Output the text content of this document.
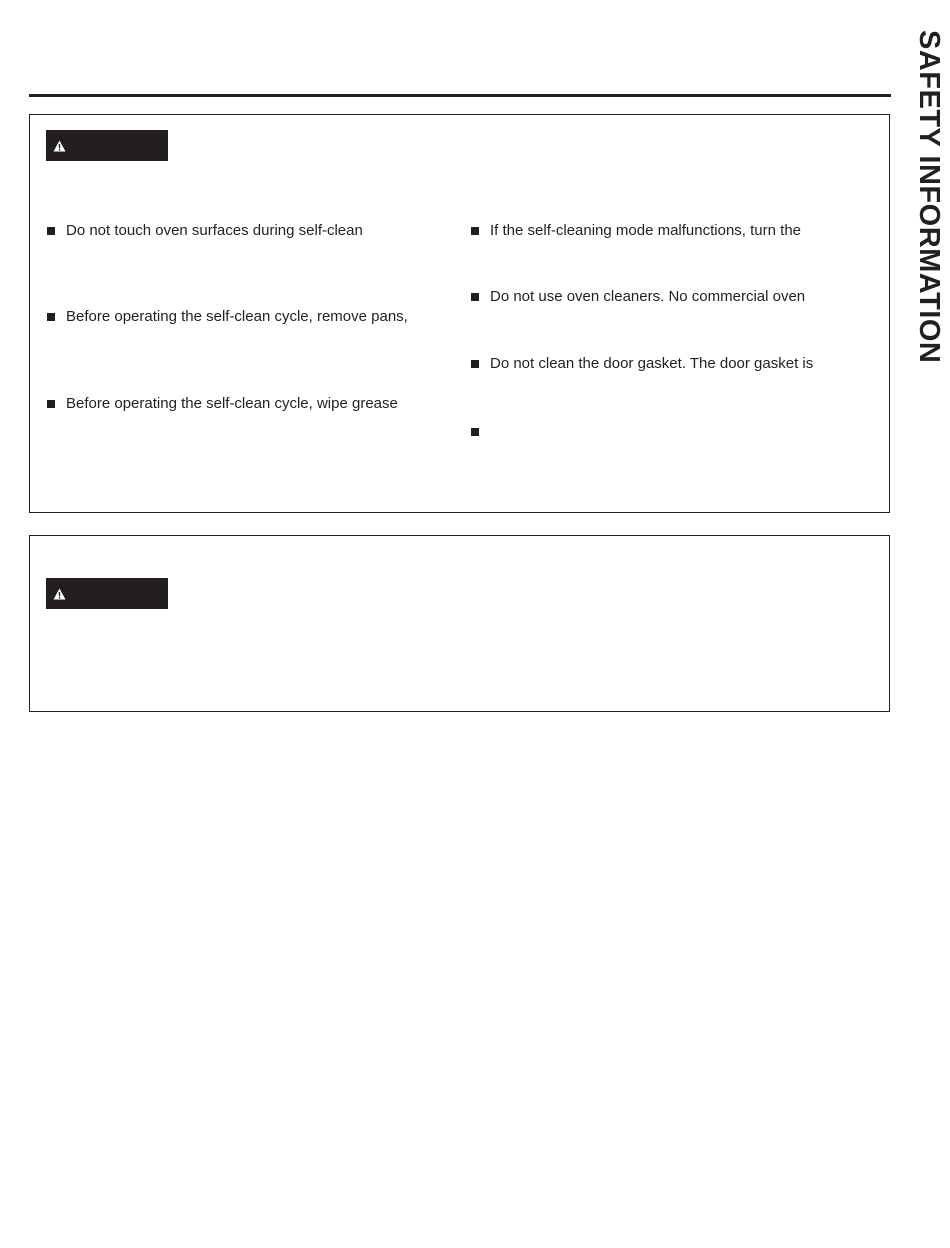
SAFETY INFORMATION
Do not touch oven surfaces during self-clean
Before operating the self-clean cycle, remove pans,
Before operating the self-clean cycle, wipe grease
If the self-cleaning mode malfunctions, turn the
Do not use oven cleaners. No commercial oven
Do not clean the door gasket. The door gasket is
